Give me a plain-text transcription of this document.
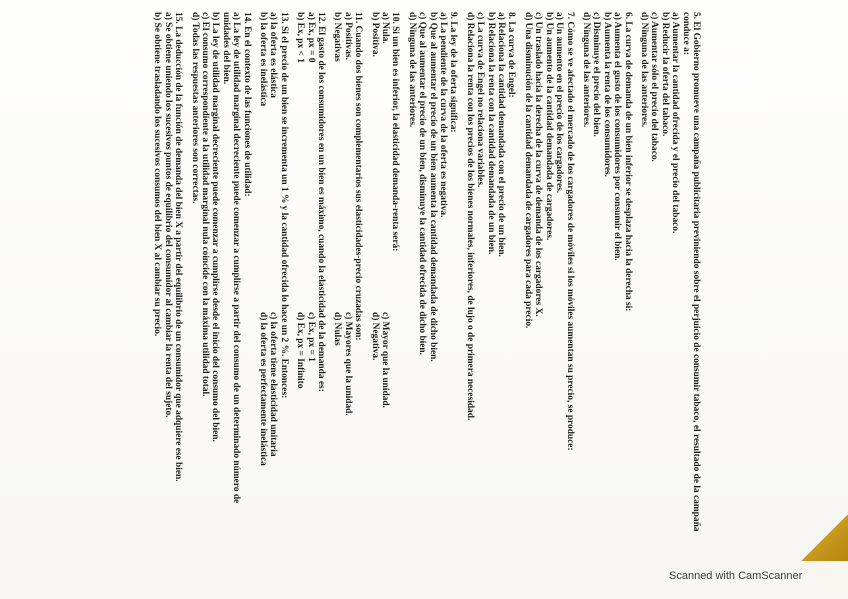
5. El Gobierno promueve una campaña publicitaria previniendo sobre el perjuicio de consumir tabaco, el resultado de la campaña conduce a:
a) Aumentar la cantidad ofrecida y el precio del tabaco.
b) Reducir la oferta del tabaco.
c) Aumentar sólo el precio del tabaco.
d) Ninguna de las anteriores.
6. La curva de demanda de un bien inferior se desplaza hacia la derecha si:
a) Aumenta el gusto de los consumidores por consumir el bien.
b) Aumenta la renta de los consumidores.
c) Disminuye el precio del bien.
d) Ninguna de las anteriores.
7. Cómo se ve afectado el mercado de los cargadores de móviles si los móviles aumentan su precio, se produce:
a) Un aumento en el precio de los cargadores.
b) Un aumento de la cantidad demandada de cargadores.
c) Un traslado hacia la derecha de la curva de demanda de los cargadores X.
d) Una disminución de la cantidad demandada de cargadores para cada precio.
8. La curva de Engel:
a) Relaciona la cantidad demandada con el precio de un bien.
b) Relaciona la renta con la cantidad demandada de un bien.
c) La curva de Engel no relaciona variables.
d) Relaciona la renta con los precios de los bienes normales, inferiores, de lujo o de primera necesidad.
9. La ley de la oferta significa:
a) La pendiente de la curva de la oferta es negativa.
b) Que al aumentar el precio de un bien aumenta la cantidad demandada de dicho bien.
c) Que al aumentar el precio de un bien, disminuye la cantidad ofrecida de dicho bien.
d) Ninguna de las anteriores.
10. Si un bien es inferior, la elasticidad demanda-renta será:
a) Nula.
c) Mayor que la unidad.
b) Positiva.
d) Negativa.
11. Cuando dos bienes son complementarios sus elasticidades-precio cruzadas son:
a) Positivas.
c) Mayores que la unidad.
b) Negativas
d) Nulas
12. El gasto de los consumidores en un bien es máximo, cuando la elasticidad de la demanda es:
a) Ex, px = 0
c) Ex, px = 1
b) Ex, px < 1
d) Ex, px = Infinito
13. Si el precio de un bien se incrementa un 1 % y la cantidad ofrecida lo hace un 2 %. Entonces:
a) la oferta es elástica
c) la oferta tiene elasticidad unitaria
b) la oferta es inelástica
d) la oferta es perfectamente inelástica
14. En el contexto de las funciones de utilidad:
a) La ley de utilidad marginal decreciente puede comenzar a cumplirse a partir del consumo de un determinado número de unidades del bien.
b) La ley de utilidad marginal decreciente puede comenzar a cumplirse desde el inicio del consumo del bien.
c) El consumo correspondiente a la utilidad marginal nula coincide con la máxima utilidad total.
d) Todas las respuestas anteriores son correctas.
15. La deducción de la función de demanda del bien X a partir del equilibrio de un consumidor que adquiere ese bien.
a) Se obtiene uniendo los sucesivos puntos de equilibrio del consumidor al cambiar la renta del sujeto.
b) Se obtiene trasladando los sucesivos consumos del bien X al cambiar su precio.
Scanned with CamScanner
